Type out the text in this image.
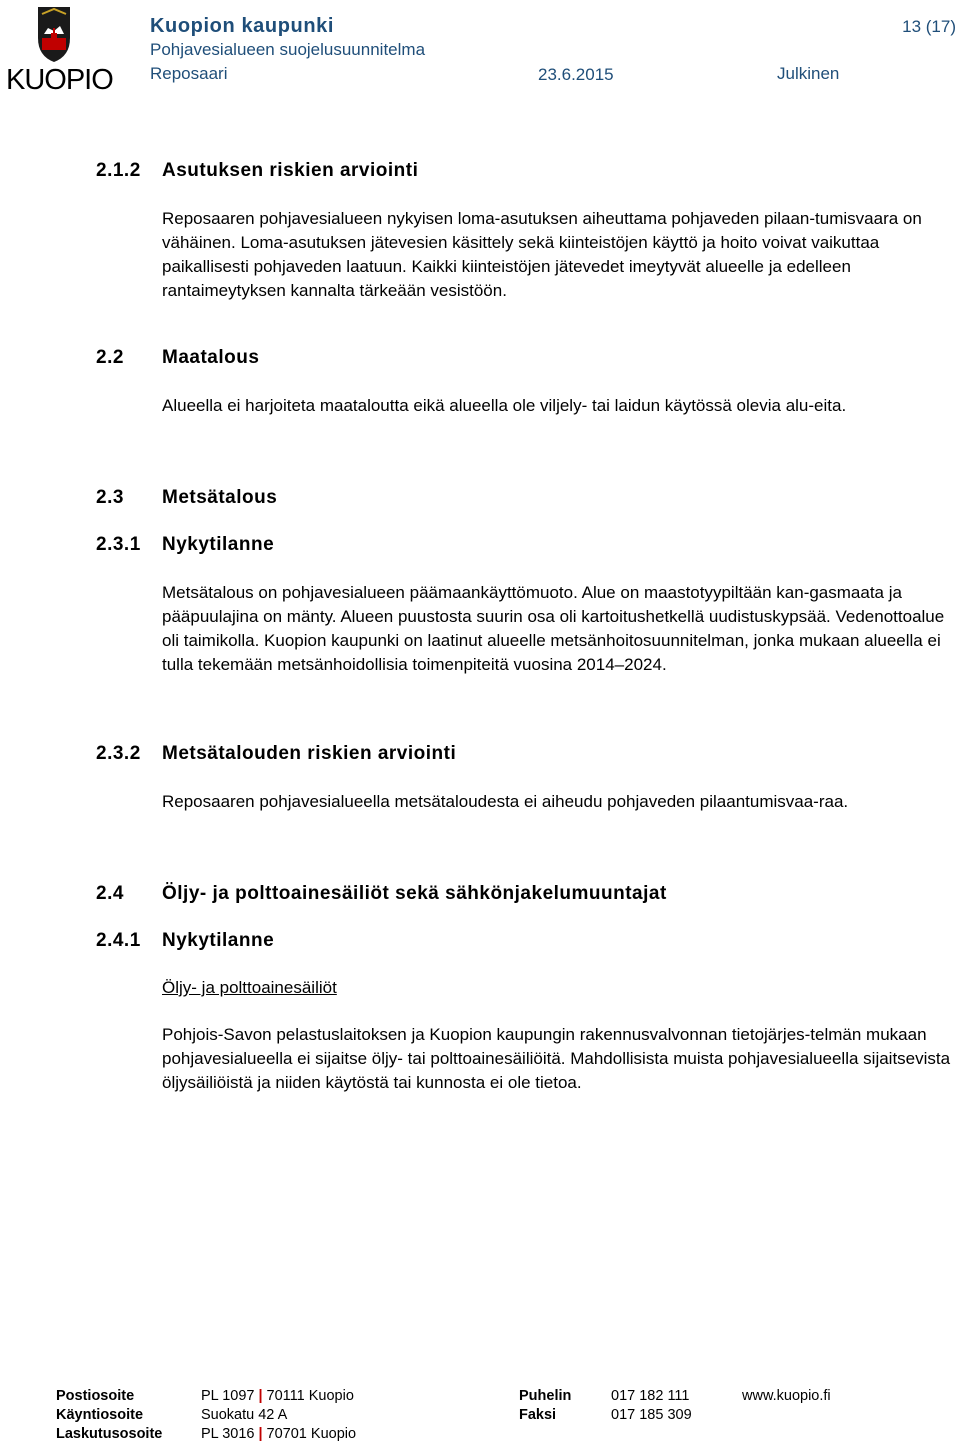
KUOPIO
Kuopion kaupunki
Pohjavesialueen suojelusuunnitelma
Reposaari	23.6.2015	Julkinen
13 (17)
2.1.2 Asutuksen riskien arviointi
Reposaaren pohjavesialueen nykyisen loma-asutuksen aiheuttama pohjaveden pilaan-tumisvaara on vähäinen. Loma-asutuksen jätevesien käsittely sekä kiinteistöjen käyttö ja hoito voivat vaikuttaa paikallisesti pohjaveden laatuun. Kaikki kiinteistöjen jätevedet imeytyvät alueelle ja edelleen rantaimeytyksen kannalta tärkeään vesistöön.
2.2 Maatalous
Alueella ei harjoiteta maataloutta eikä alueella ole viljely- tai laidun käytössä olevia alu-eita.
2.3 Metsätalous
2.3.1 Nykytilanne
Metsätalous on pohjavesialueen päämaankäyttömuoto. Alue on maastotyypiltään kan-gasmaata ja pääpuulajina on mänty. Alueen puustosta suurin osa oli kartoitushetkellä uudistuskypsää. Vedenottoalue oli taimikolla. Kuopion kaupunki on laatinut alueelle metsänhoitosuunnitelman, jonka mukaan alueella ei tulla tekemään metsänhoidollisia toimenpiteitä vuosina 2014–2024.
2.3.2 Metsätalouden riskien arviointi
Reposaaren pohjavesialueella metsätaloudesta ei aiheudu pohjaveden pilaantumisvaa-raa.
2.4 Öljy- ja polttoainesäiliöt sekä sähkönjakelumuuntajat
2.4.1 Nykytilanne
Öljy- ja polttoainesäiliöt
Pohjois-Savon pelastuslaitoksen ja Kuopion kaupungin rakennusvalvonnan tietojärjes-telmän mukaan pohjavesialueella ei sijaitse öljy- tai polttoainesäiliöitä. Mahdollisista muista pohjavesialueella sijaitsevista öljysäiliöistä ja niiden käytöstä tai kunnosta ei ole tietoa.
Postiosoite	PL 1097 | 70111 Kuopio
Käyntiosoite	Suokatu 42 A
Laskutusosoite	PL 3016 | 70701 Kuopio
Puhelin	017 182 111
Faksi	017 185 309
www.kuopio.fi
